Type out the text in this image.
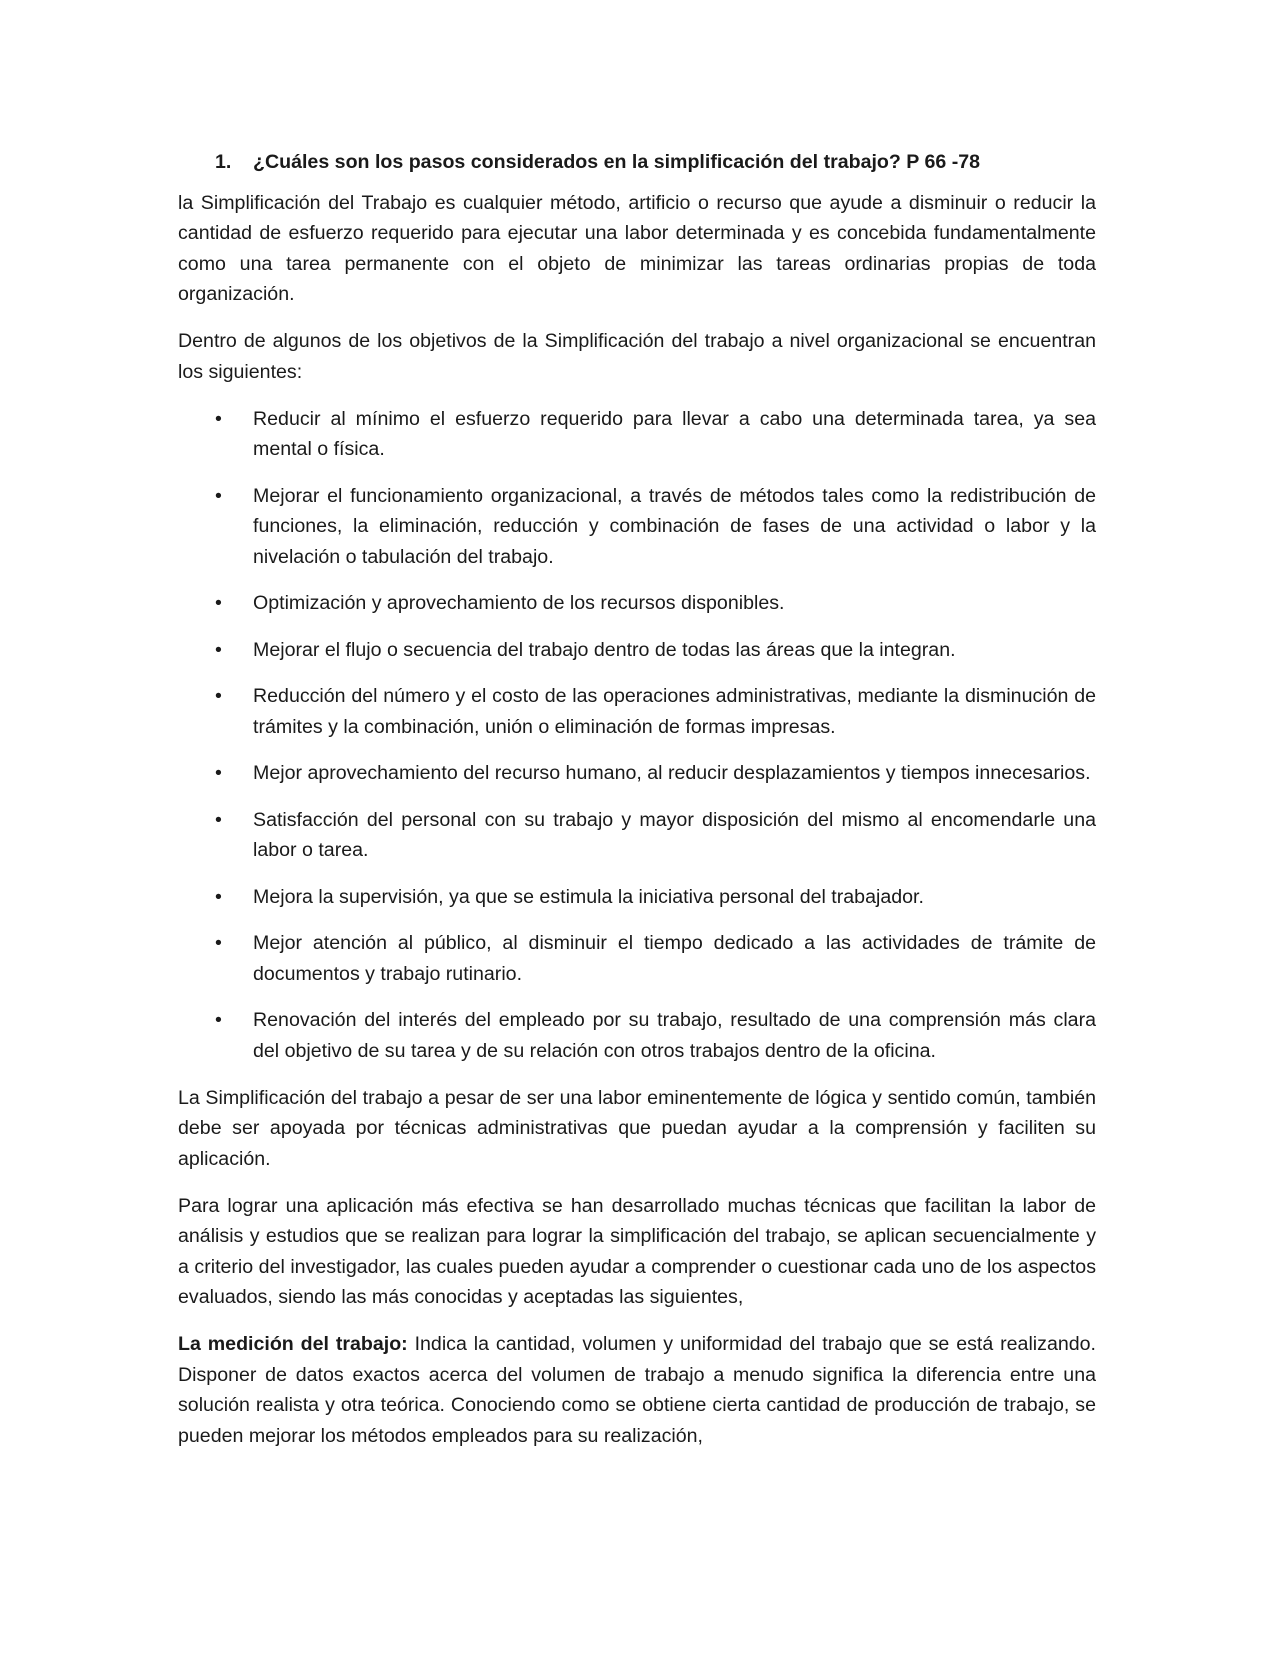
1. ¿Cuáles son los pasos considerados en la simplificación del trabajo? P 66 -78

la Simplificación del Trabajo es cualquier método, artificio o recurso que ayude a disminuir o reducir la cantidad de esfuerzo requerido para ejecutar una labor determinada y es concebida fundamentalmente como una tarea permanente con el objeto de minimizar las tareas ordinarias propias de toda organización.

Dentro de algunos de los objetivos de la Simplificación del trabajo a nivel organizacional se encuentran los siguientes:

• Reducir al mínimo el esfuerzo requerido para llevar a cabo una determinada tarea, ya sea mental o física.
• Mejorar el funcionamiento organizacional, a través de métodos tales como la redistribución de funciones, la eliminación, reducción y combinación de fases de una actividad o labor y la nivelación o tabulación del trabajo.
• Optimización y aprovechamiento de los recursos disponibles.
• Mejorar el flujo o secuencia del trabajo dentro de todas las áreas que la integran.
• Reducción del número y el costo de las operaciones administrativas, mediante la disminución de trámites y la combinación, unión o eliminación de formas impresas.
• Mejor aprovechamiento del recurso humano, al reducir desplazamientos y tiempos innecesarios.
• Satisfacción del personal con su trabajo y mayor disposición del mismo al encomendarle una labor o tarea.
• Mejora la supervisión, ya que se estimula la iniciativa personal del trabajador.
• Mejor atención al público, al disminuir el tiempo dedicado a las actividades de trámite de documentos y trabajo rutinario.
• Renovación del interés del empleado por su trabajo, resultado de una comprensión más clara del objetivo de su tarea y de su relación con otros trabajos dentro de la oficina.

La Simplificación del trabajo a pesar de ser una labor eminentemente de lógica y sentido común, también debe ser apoyada por técnicas administrativas que puedan ayudar a la comprensión y faciliten su aplicación.

Para lograr una aplicación más efectiva se han desarrollado muchas técnicas que facilitan la labor de análisis y estudios que se realizan para lograr la simplificación del trabajo, se aplican secuencialmente y a criterio del investigador, las cuales pueden ayudar a comprender o cuestionar cada uno de los aspectos evaluados, siendo las más conocidas y aceptadas las siguientes,

La medición del trabajo: Indica la cantidad, volumen y uniformidad del trabajo que se está realizando. Disponer de datos exactos acerca del volumen de trabajo a menudo significa la diferencia entre una solución realista y otra teórica. Conociendo como se obtiene cierta cantidad de producción de trabajo, se pueden mejorar los métodos empleados para su realización,
